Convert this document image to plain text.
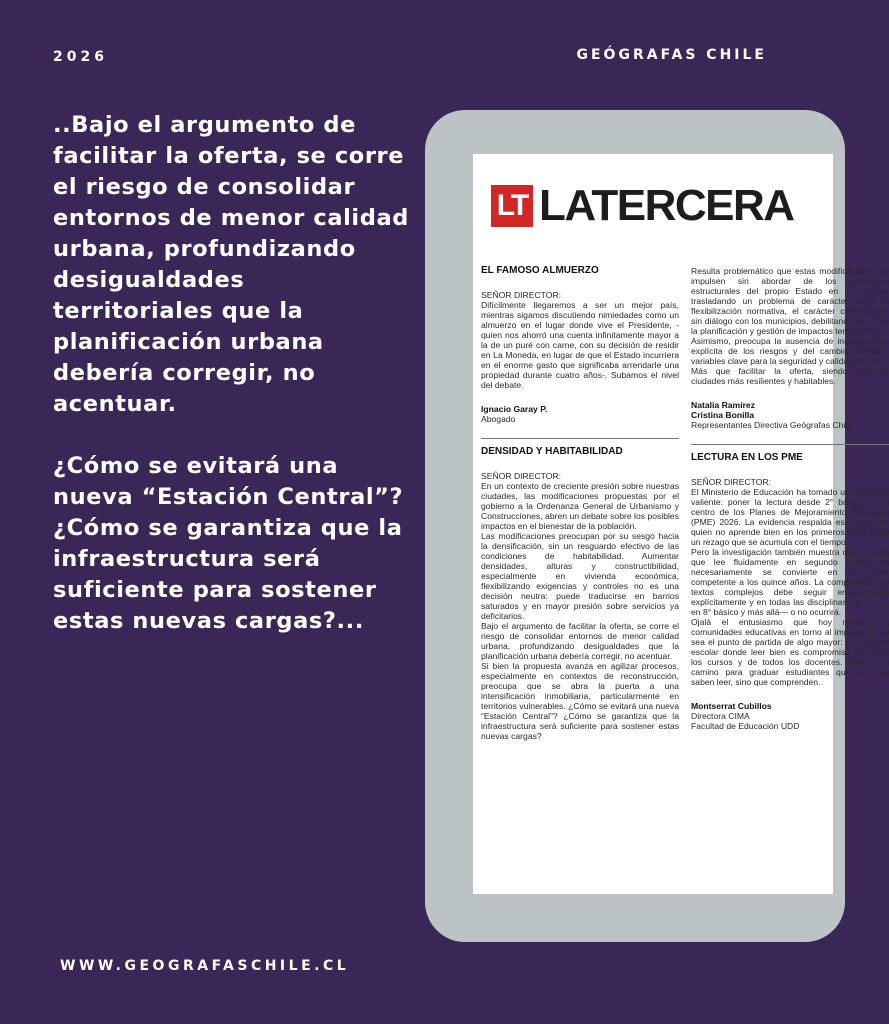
2026	GEÓGRAFAS CHILE

..Bajo el argumento de facilitar la oferta, se corre el riesgo de consolidar entornos de menor calidad urbana, profundizando desigualdades territoriales que la planificación urbana debería corregir, no acentuar.

¿Cómo se evitará una nueva “Estación Central”? ¿Cómo se garantiza que la infraestructura será suficiente para sostener estas nuevas cargas?...

LT LATERCERA
EL FAMOSO ALMUERZO

SEÑOR DIRECTOR:

Difícilmente llegaremos a ser un mejor país, mientras sigamos discutiendo nimiedades como un almuerzo en el lugar donde vive el Presidente, -quien nos ahorró una cuenta infinitamente mayor a la de un puré con carne, con su decisión de residir en La Moneda, en lugar de que el Estado incurriera en el enorme gasto que significaba arrendarle una propiedad durante cuatro años-. Subamos el nivel del debate.

Ignacio Garay P.

Abogado

DENSIDAD Y HABITABILIDAD

SEÑOR DIRECTOR:

En un contexto de creciente presión sobre nuestras ciudades, las modificaciones propuestas por el gobierno a la Ordenanza General de Urbanismo y Construcciones, abren un debate sobre los posibles impactos en el bienestar de la población.

Las modificaciones preocupan por su sesgo hacia la densificación, sin un resguardo efectivo de las condiciones de habitabilidad. Aumentar densidades, alturas y constructibilidad, especialmente en vivienda económica, flexibilizando exigencias y controles no es una decisión neutra: puede traducirse en barrios saturados y en mayor presión sobre servicios ya deficitarios.

Bajo el argumento de facilitar la oferta, se corre el riesgo de consolidar entornos de menor calidad urbana, profundizando desigualdades que la planificación urbana debería corregir, no acentuar.

Si bien la propuesta avanza en agilizar procesos, especialmente en contextos de reconstrucción, preocupa que se abra la puerta a una intensificación inmobiliaria, particularmente en territorios vulnerables. ¿Cómo se evitará una nueva “Estación Central”? ¿Cómo se garantiza que la infraestructura será suficiente para sostener estas nuevas cargas?

Resulta problemático que estas modificaciones se impulsen sin abordar de los problemas estructurales del propio Estado en la materia, trasladando un problema de carácter hacia la flexibilización normativa, el carácter centralizado, sin diálogo con los municipios, debilitando su rol en la planificación y gestión de impactos territoriales.

Asimismo, preocupa la ausencia de incorporación explícita de los riesgos y del cambio climático, variables clave para la seguridad y calidad de vida.

Más que facilitar la oferta, siendo construir ciudades más resilientes y habitables.

Natalia Ramírez
Cristina Bonilla

Representantes Directiva Geógrafas Chile

LECTURA EN LOS PME

SEÑOR DIRECTOR:

El Ministerio de Educación ha tomado una decisión valiente: poner la lectura desde 2° básico en el centro de los Planes de Mejoramiento Educativo (PME) 2026. La evidencia respalda esta apuesta: quien no aprende bien en los primeros años tiene un rezago que se acumula con el tiempo.

Pero la investigación también muestra que un niño que lee fluidamente en segundo básico no necesariamente se convierte en un lector competente a los quince años. La comprensión de textos complejos debe seguir enseñándose explícitamente y en todas las disciplinas: en 4°, 6°, en 8° básico y más allá— o no ocurrirá.

Ojalá el entusiasmo que hoy moviliza a comunidades educativas en torno al impulso inicial sea el punto de partida de algo mayor: una cultura escolar donde leer bien es compromiso de todos los cursos y de todos los docentes. Ese es el camino para graduar estudiantes que no solo saben leer, sino que comprenden.

Montserrat Cubillos

Directora CIMA

Facultad de Educación UDD

WWW.GEOGRAFASCHILE.CL
